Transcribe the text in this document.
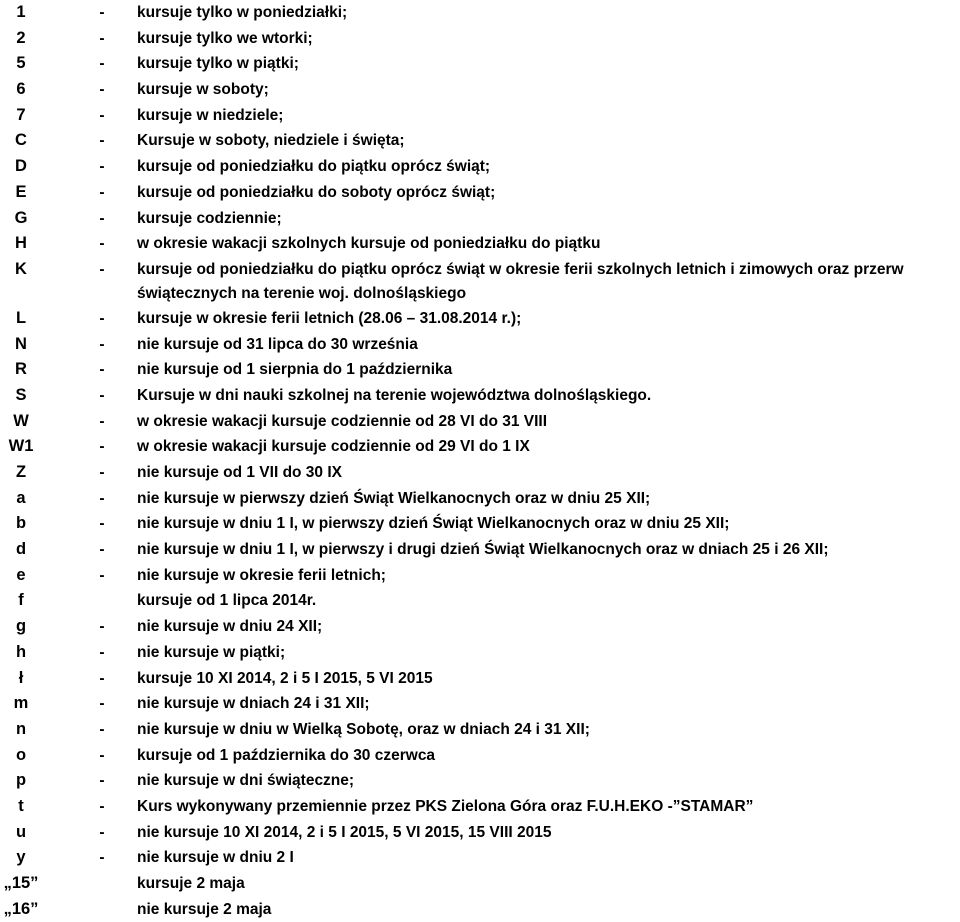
1	-	kursuje tylko w poniedziałki;
2	-	kursuje tylko we wtorki;
5	-	kursuje tylko w piątki;
6	-	kursuje w soboty;
7	-	kursuje w niedziele;
C	-	Kursuje w soboty, niedziele i święta;
D	-	kursuje od poniedziałku do piątku oprócz świąt;
E	-	kursuje od poniedziałku do soboty oprócz świąt;
G	-	kursuje codziennie;
H	-	w okresie wakacji szkolnych kursuje od poniedziałku do piątku
K	-	kursuje od poniedziałku do piątku oprócz świąt w okresie ferii szkolnych letnich i zimowych oraz przerw świątecznych na terenie woj. dolnośląskiego
L	-	kursuje w okresie ferii letnich (28.06 – 31.08.2014 r.);
N	-	nie kursuje od 31 lipca do 30 września
R	-	nie kursuje od 1 sierpnia do 1 października
S	-	Kursuje w dni nauki szkolnej na terenie województwa dolnośląskiego.
W	-	w okresie wakacji kursuje codziennie od 28 VI do 31 VIII
W1	-	w okresie wakacji kursuje codziennie od 29 VI do 1 IX
Z	-	nie kursuje od 1 VII do 30 IX
a	-	nie kursuje w pierwszy dzień Świąt Wielkanocnych oraz w dniu 25 XII;
b	-	nie kursuje w dniu 1 I, w pierwszy dzień Świąt Wielkanocnych oraz w dniu 25 XII;
d	-	nie kursuje w dniu 1 I, w pierwszy i drugi dzień Świąt Wielkanocnych oraz w dniach 25 i 26 XII;
e	-	nie kursuje w okresie ferii letnich;
f	kursuje od 1 lipca 2014r.
g	-	nie kursuje w dniu 24 XII;
h	-	nie kursuje w piątki;
ł	-	kursuje 10 XI 2014, 2 i 5 I 2015, 5 VI 2015
m	-	nie kursuje w dniach 24 i 31 XII;
n	-	nie kursuje w dniu w Wielką Sobotę, oraz w dniach 24 i 31 XII;
o	-	kursuje od 1 października do 30 czerwca
p	-	nie kursuje w dni świąteczne;
t	-	Kurs wykonywany przemiennie przez PKS Zielona Góra oraz F.U.H.EKO -”STAMAR”
u	-	nie kursuje 10 XI 2014, 2 i 5 I 2015, 5 VI 2015, 15 VIII 2015
y	-	nie kursuje w dniu 2 I
„15”	kursuje 2 maja
„16”	nie kursuje 2 maja
